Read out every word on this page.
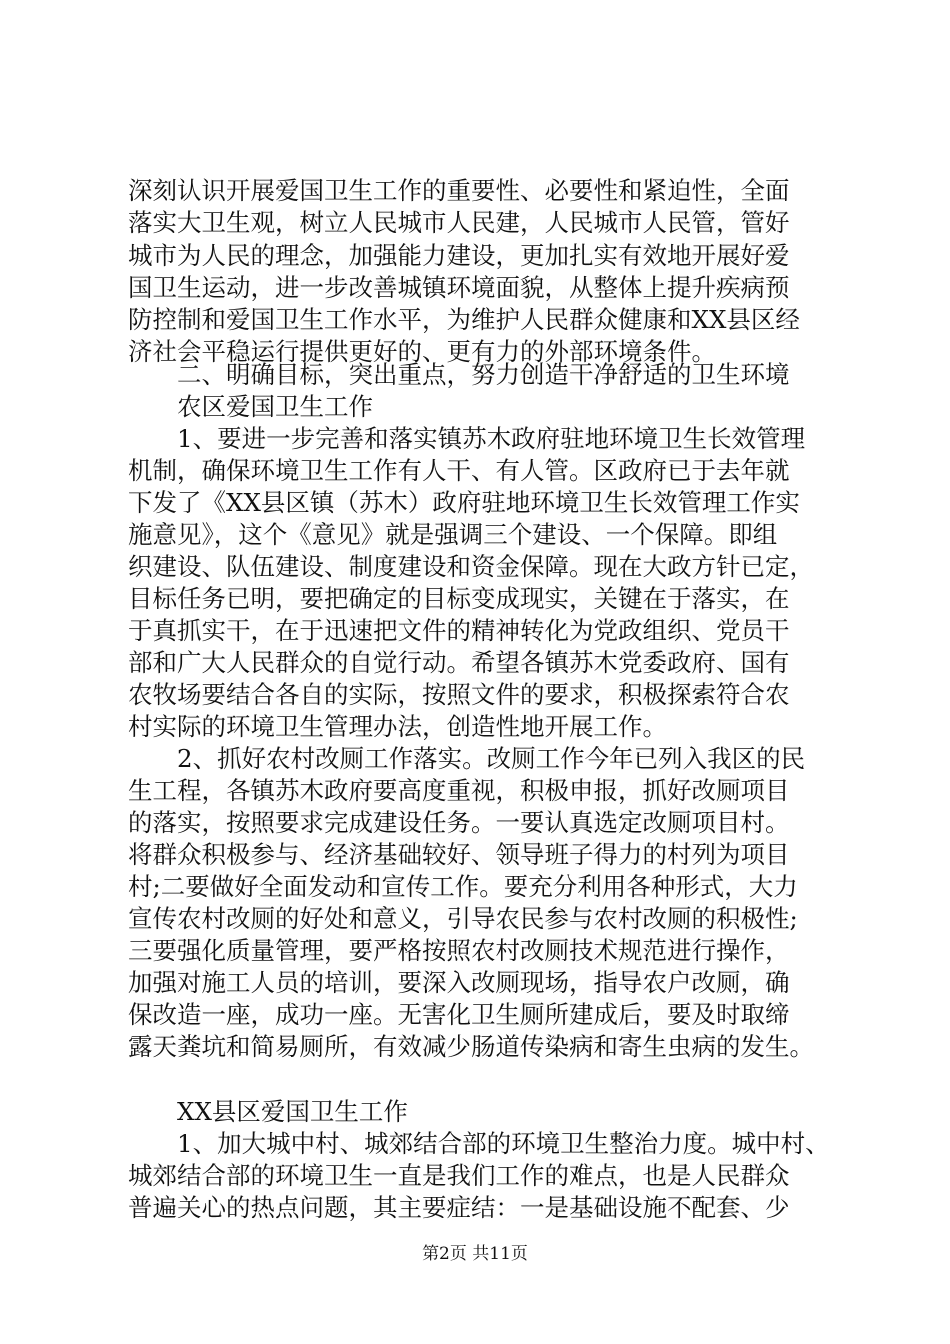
深刻认识开展爱国卫生工作的重要性、必要性和紧迫性，全面
落实大卫生观，树立人民城市人民建，人民城市人民管，管好
城市为人民的理念，加强能力建设，更加扎实有效地开展好爱
国卫生运动，进一步改善城镇环境面貌，从整体上提升疾病预
防控制和爱国卫生工作水平，为维护人民群众健康和XX县区经
济社会平稳运行提供更好的、更有力的外部环境条件。
二、明确目标，突出重点，努力创造干净舒适的卫生环境
农区爱国卫生工作
1、要进一步完善和落实镇苏木政府驻地环境卫生长效管理
机制，确保环境卫生工作有人干、有人管。区政府已于去年就
下发了《XX县区镇（苏木）政府驻地环境卫生长效管理工作实
施意见》，这个《意见》就是强调三个建设、一个保障。即组
织建设、队伍建设、制度建设和资金保障。现在大政方针已定，
目标任务已明，要把确定的目标变成现实，关键在于落实，在
于真抓实干，在于迅速把文件的精神转化为党政组织、党员干
部和广大人民群众的自觉行动。希望各镇苏木党委政府、国有
农牧场要结合各自的实际，按照文件的要求，积极探索符合农
村实际的环境卫生管理办法，创造性地开展工作。
2、抓好农村改厕工作落实。改厕工作今年已列入我区的民
生工程，各镇苏木政府要高度重视，积极申报，抓好改厕项目
的落实，按照要求完成建设任务。一要认真选定改厕项目村。
将群众积极参与、经济基础较好、领导班子得力的村列为项目
村;二要做好全面发动和宣传工作。要充分利用各种形式，大力
宣传农村改厕的好处和意义，引导农民参与农村改厕的积极性;
三要强化质量管理，要严格按照农村改厕技术规范进行操作，
加强对施工人员的培训，要深入改厕现场，指导农户改厕，确
保改造一座，成功一座。无害化卫生厕所建成后，要及时取缔
露天粪坑和简易厕所，有效减少肠道传染病和寄生虫病的发生。
XX县区爱国卫生工作
1、加大城中村、城郊结合部的环境卫生整治力度。城中村、
城郊结合部的环境卫生一直是我们工作的难点，也是人民群众
普遍关心的热点问题，其主要症结：一是基础设施不配套、少
第2页 共11页
